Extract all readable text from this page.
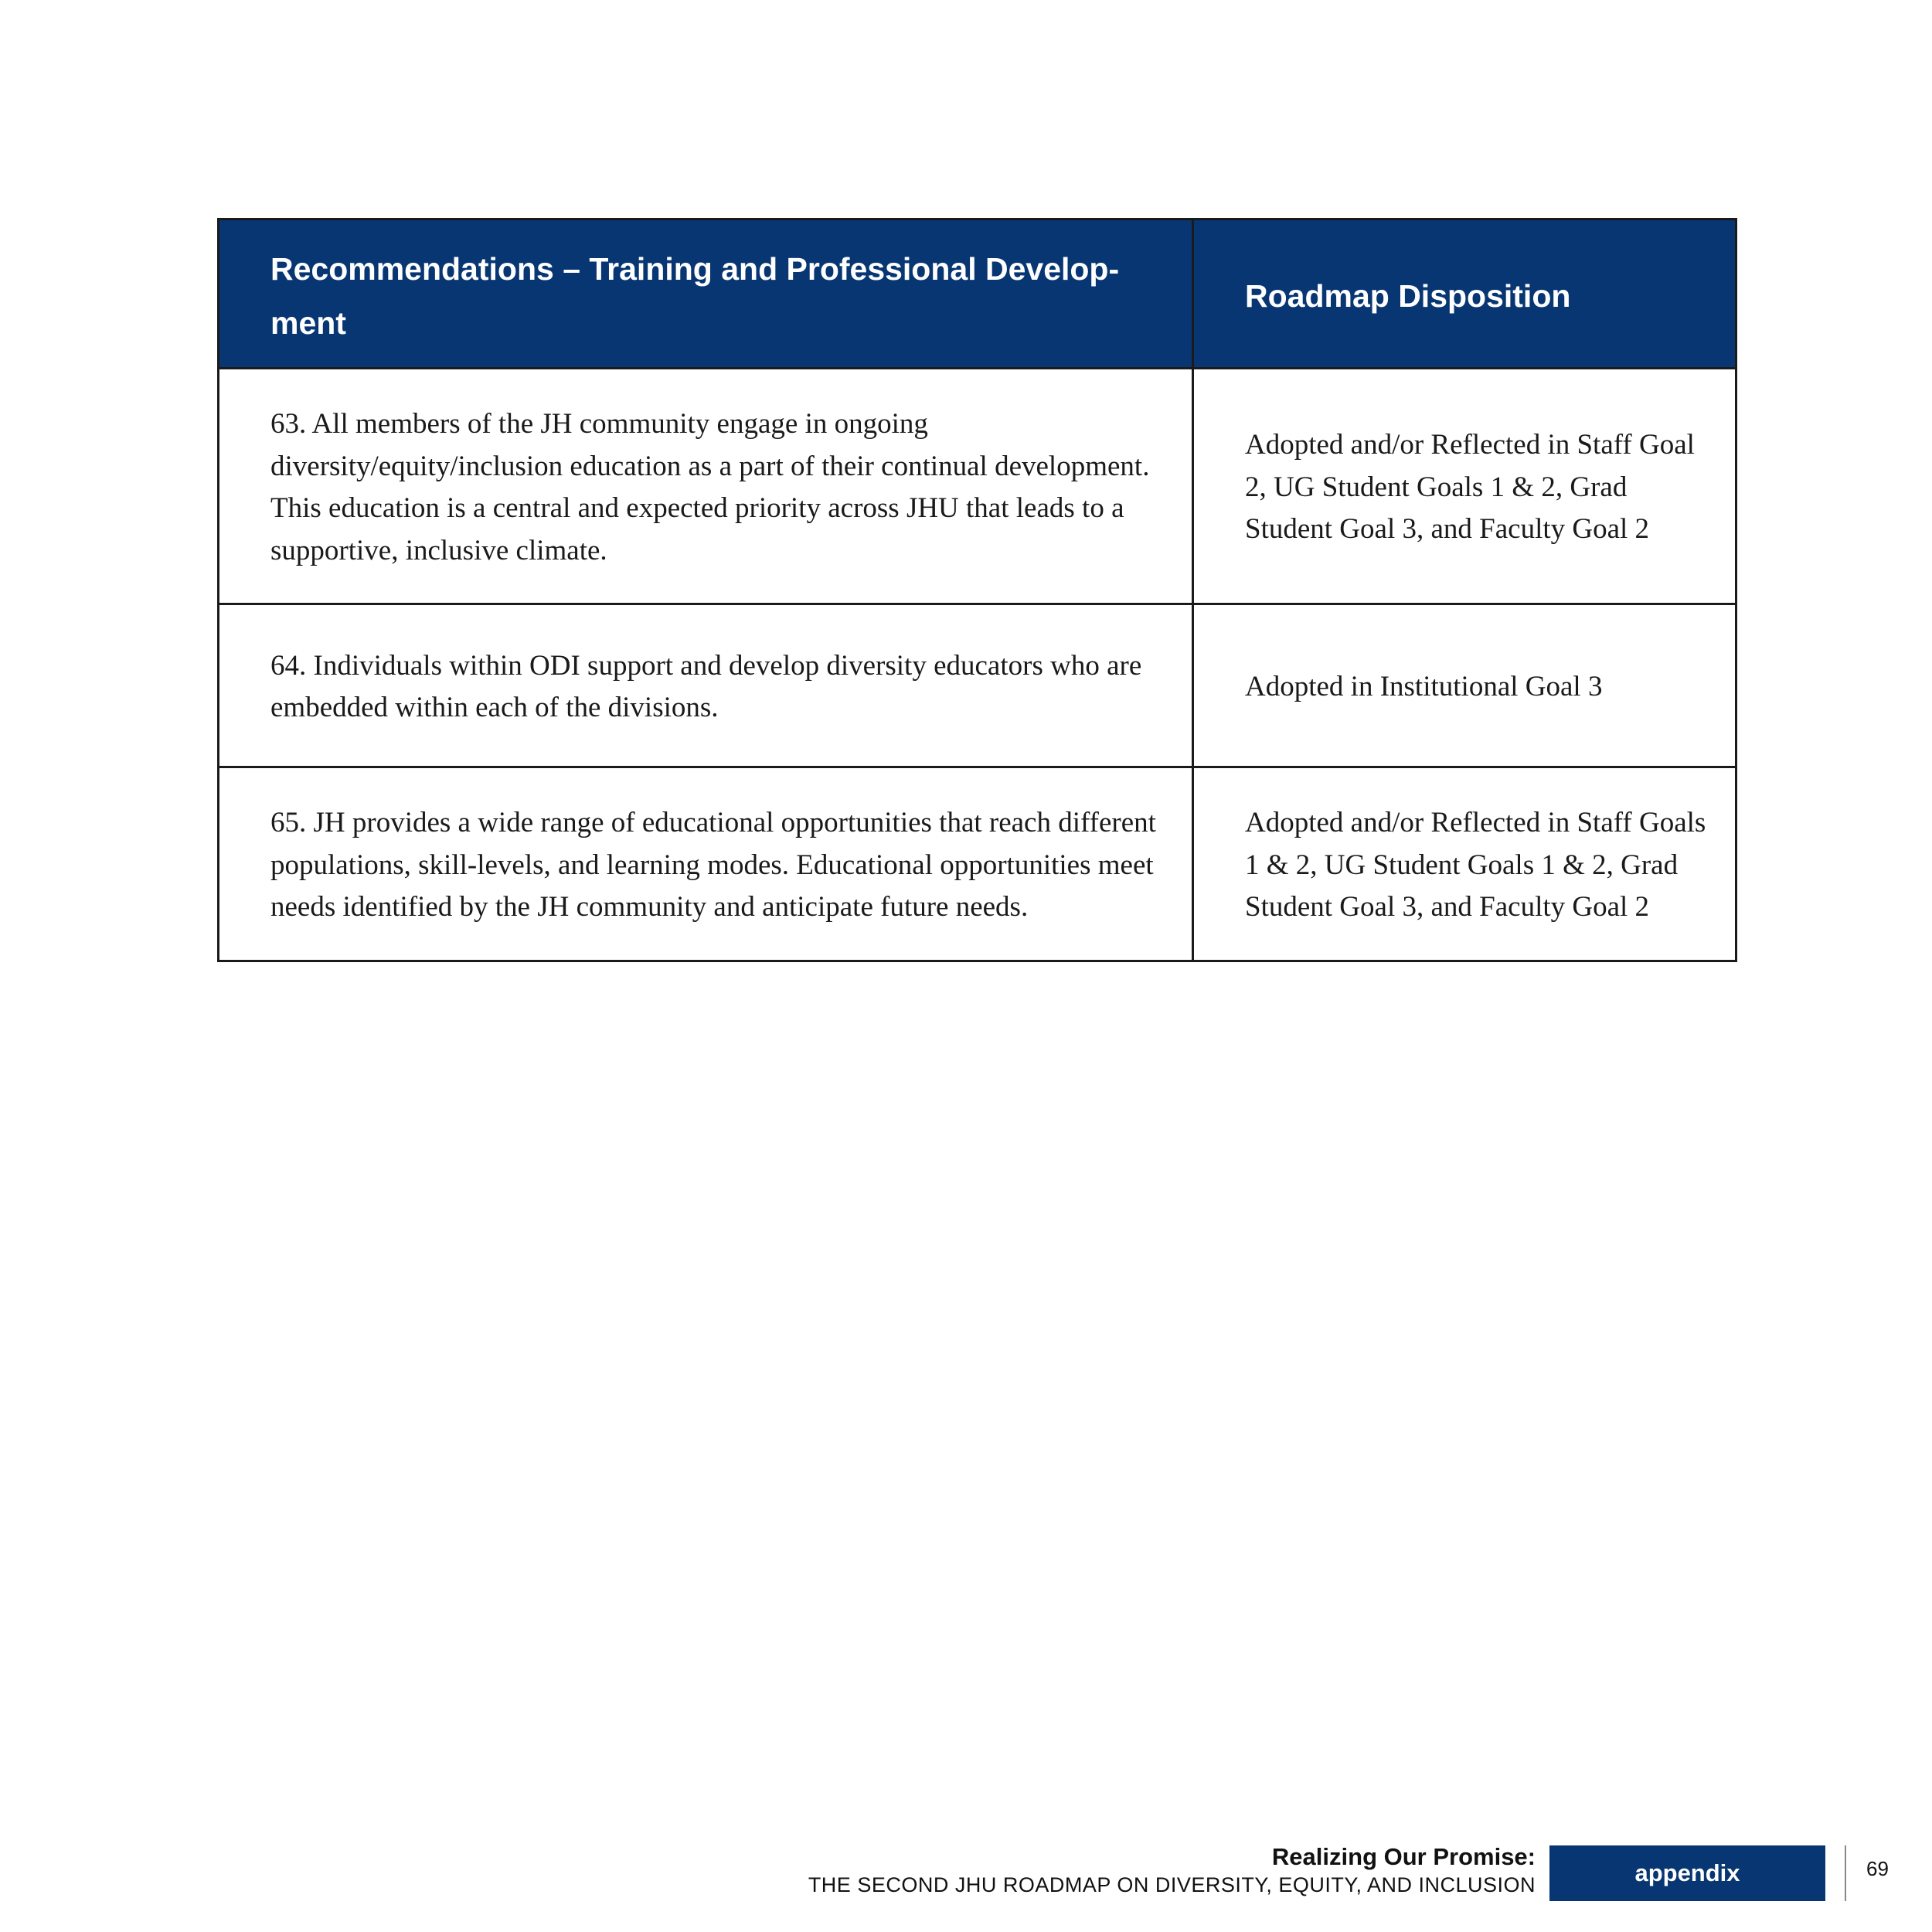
Recommendations – Training and Professional Develop-ment	Roadmap Disposition
63. All members of the JH community engage in ongoing diversity/equity/inclusion education as a part of their continual development. This education is a central and expected priority across JHU that leads to a supportive, inclusive climate.	Adopted and/or Reflected in Staff Goal 2, UG Student Goals 1 & 2, Grad Student Goal 3, and Faculty Goal 2
64. Individuals within ODI support and develop diversity educators who are embedded within each of the divisions.	Adopted in Institutional Goal 3
65. JH provides a wide range of educational opportunities that reach different populations, skill-levels, and learning modes. Educational opportunities meet needs identified by the JH community and anticipate future needs.	Adopted and/or Reflected in Staff Goals 1 & 2, UG Student Goals 1 & 2, Grad Student Goal 3, and Faculty Goal 2
Realizing Our Promise:
THE SECOND JHU ROADMAP ON DIVERSITY, EQUITY, AND INCLUSION	appendix	69
